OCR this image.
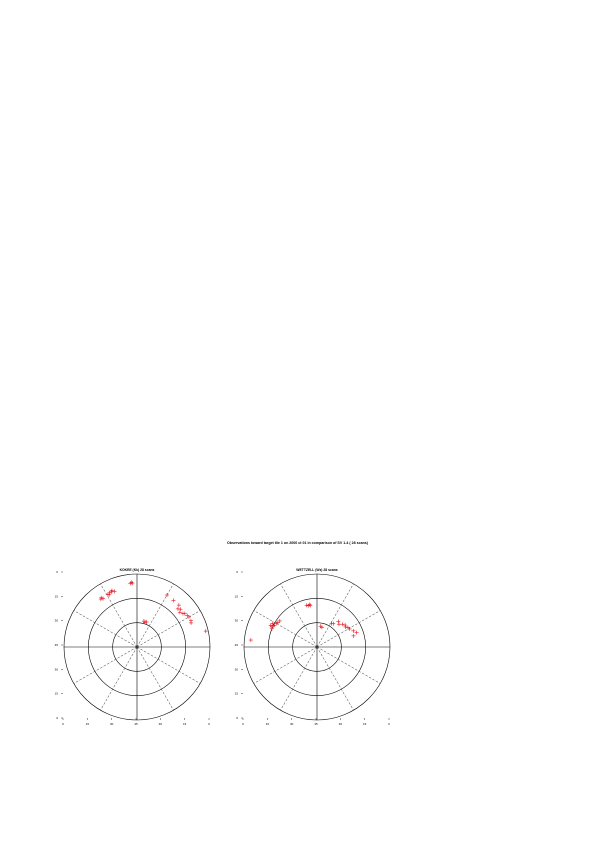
Observations toward target tile 1 on 2000 ct 01 in comparison of SV 1-4 ( 28 scans)
KOKEE (Kk) 28 scans
0
15
30
45
30
15
0
0	15	30	45	30	15	0
WETTZELL (Wz) 28 scans
0
15
30
45
30
15
0
0	15	30	45	30	15	0
